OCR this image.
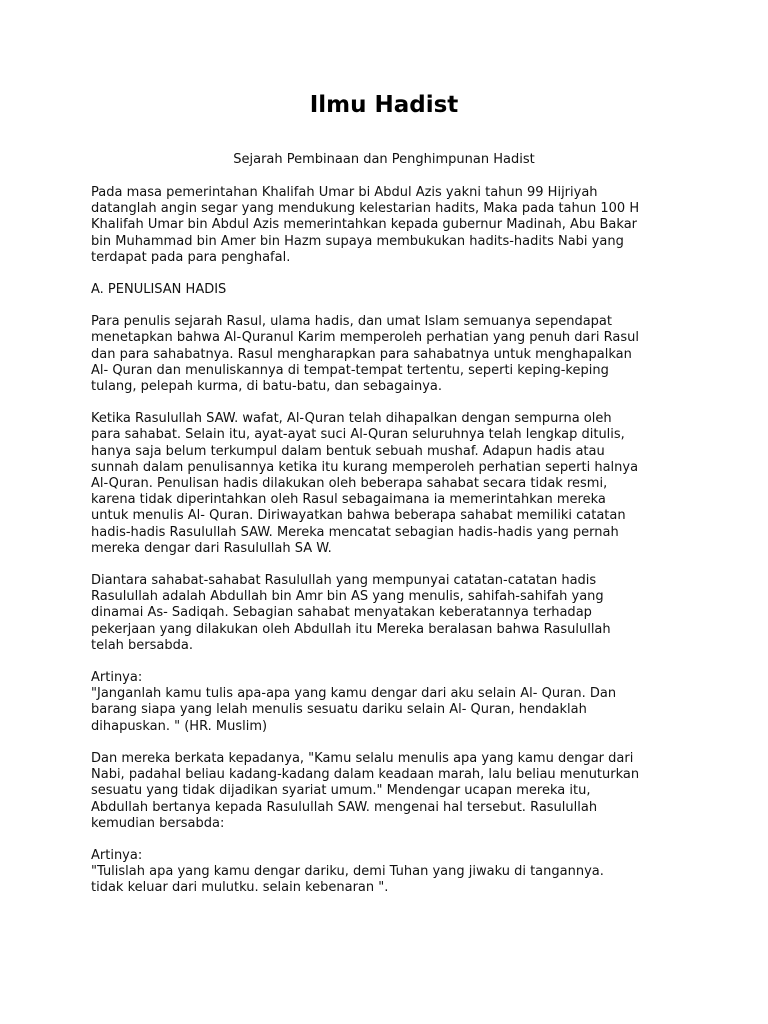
Ilmu Hadist

Sejarah Pembinaan dan Penghimpunan Hadist

Pada masa pemerintahan Khalifah Umar bi Abdul Azis yakni tahun 99 Hijriyah
datanglah angin segar yang mendukung kelestarian hadits, Maka pada tahun 100 H
Khalifah Umar bin Abdul Azis memerintahkan kepada gubernur Madinah, Abu Bakar
bin Muhammad bin Amer bin Hazm supaya membukukan hadits-hadits Nabi yang
terdapat pada para penghafal.

A. PENULISAN HADIS

Para penulis sejarah Rasul, ulama hadis, dan umat Islam semuanya sependapat
menetapkan bahwa Al-Quranul Karim memperoleh perhatian yang penuh dari Rasul
dan para sahabatnya. Rasul mengharapkan para sahabatnya untuk menghapalkan
Al- Quran dan menuliskannya di tempat-tempat tertentu, seperti keping-keping
tulang, pelepah kurma, di batu-batu, dan sebagainya.

Ketika Rasulullah SAW. wafat, Al-Quran telah dihapalkan dengan sempurna oleh
para sahabat. Selain itu, ayat-ayat suci Al-Quran seluruhnya telah lengkap ditulis,
hanya saja belum terkumpul dalam bentuk sebuah mushaf. Adapun hadis atau
sunnah dalam penulisannya ketika itu kurang memperoleh perhatian seperti halnya
Al-Quran. Penulisan hadis dilakukan oleh beberapa sahabat secara tidak resmi,
karena tidak diperintahkan oleh Rasul sebagaimana ia memerintahkan mereka
untuk menulis Al- Quran. Diriwayatkan bahwa beberapa sahabat memiliki catatan
hadis-hadis Rasulullah SAW. Mereka mencatat sebagian hadis-hadis yang pernah
mereka dengar dari Rasulullah SA W.

Diantara sahabat-sahabat Rasulullah yang mempunyai catatan-catatan hadis
Rasulullah adalah Abdullah bin Amr bin AS yang menulis, sahifah-sahifah yang
dinamai As- Sadiqah. Sebagian sahabat menyatakan keberatannya terhadap
pekerjaan yang dilakukan oleh Abdullah itu Mereka beralasan bahwa Rasulullah
telah bersabda.

Artinya:
"Janganlah kamu tulis apa-apa yang kamu dengar dari aku selain Al- Quran. Dan
barang siapa yang lelah menulis sesuatu dariku selain Al- Quran, hendaklah
dihapuskan. " (HR. Muslim)

Dan mereka berkata kepadanya, "Kamu selalu menulis apa yang kamu dengar dari
Nabi, padahal beliau kadang-kadang dalam keadaan marah, lalu beliau menuturkan
sesuatu yang tidak dijadikan syariat umum." Mendengar ucapan mereka itu,
Abdullah bertanya kepada Rasulullah SAW. mengenai hal tersebut. Rasulullah
kemudian bersabda:

Artinya:
"Tulislah apa yang kamu dengar dariku, demi Tuhan yang jiwaku di tangannya.
tidak keluar dari mulutku. selain kebenaran ".
